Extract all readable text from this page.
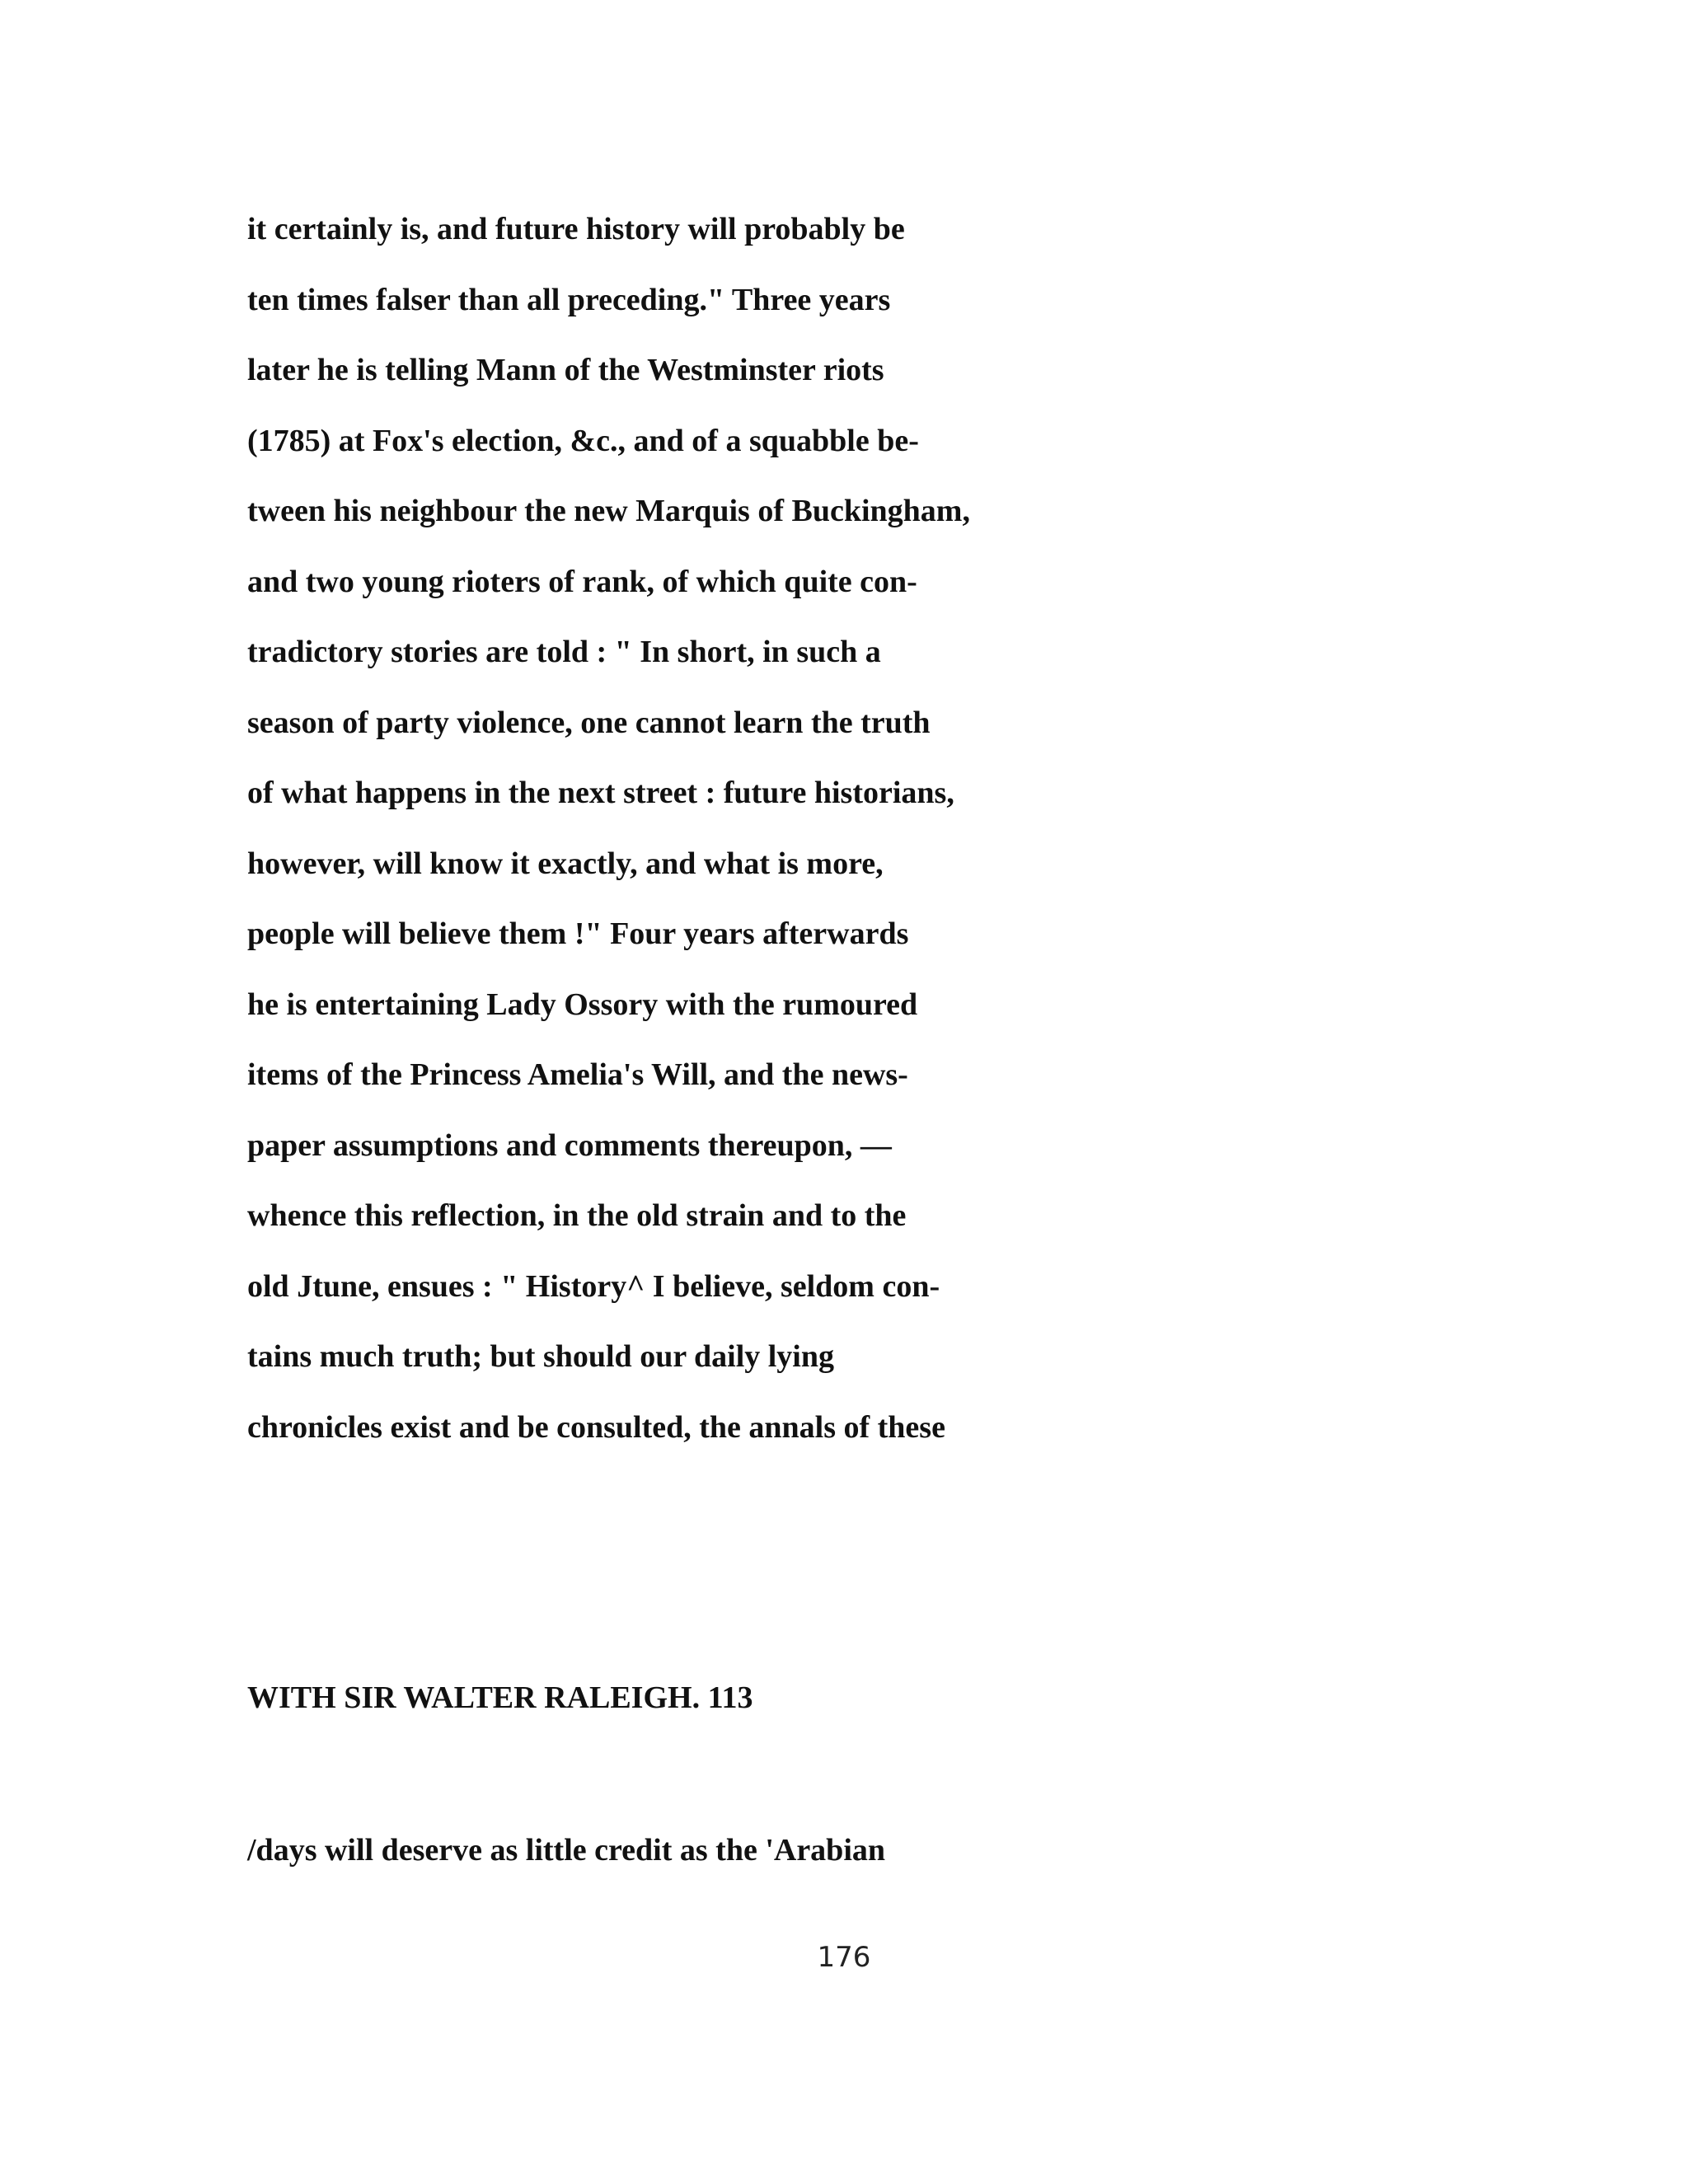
it certainly is, and future history will probably be

ten times falser than all preceding." Three years

later he is telling Mann of the Westminster riots

(1785) at Fox's election, &c., and of a squabble be-

tween his neighbour the new Marquis of Buckingham,

and two young rioters of rank, of which quite con-

tradictory stories are told : " In short, in such a

season of party violence, one cannot learn the truth

of what happens in the next street : future historians,

however, will know it exactly, and what is more,

people will believe them !" Four years afterwards

he is entertaining Lady Ossory with the rumoured

items of the Princess Amelia's Will, and the news-

paper assumptions and comments thereupon, —

whence this reflection, in the old strain and to the

old Jtune, ensues : " History^ I believe, seldom con-

tains much truth; but should our daily lying

chronicles exist and be consulted, the annals of these

WITH SIR WALTER RALEIGH. 113

/days will deserve as little credit as the 'Arabian

176
